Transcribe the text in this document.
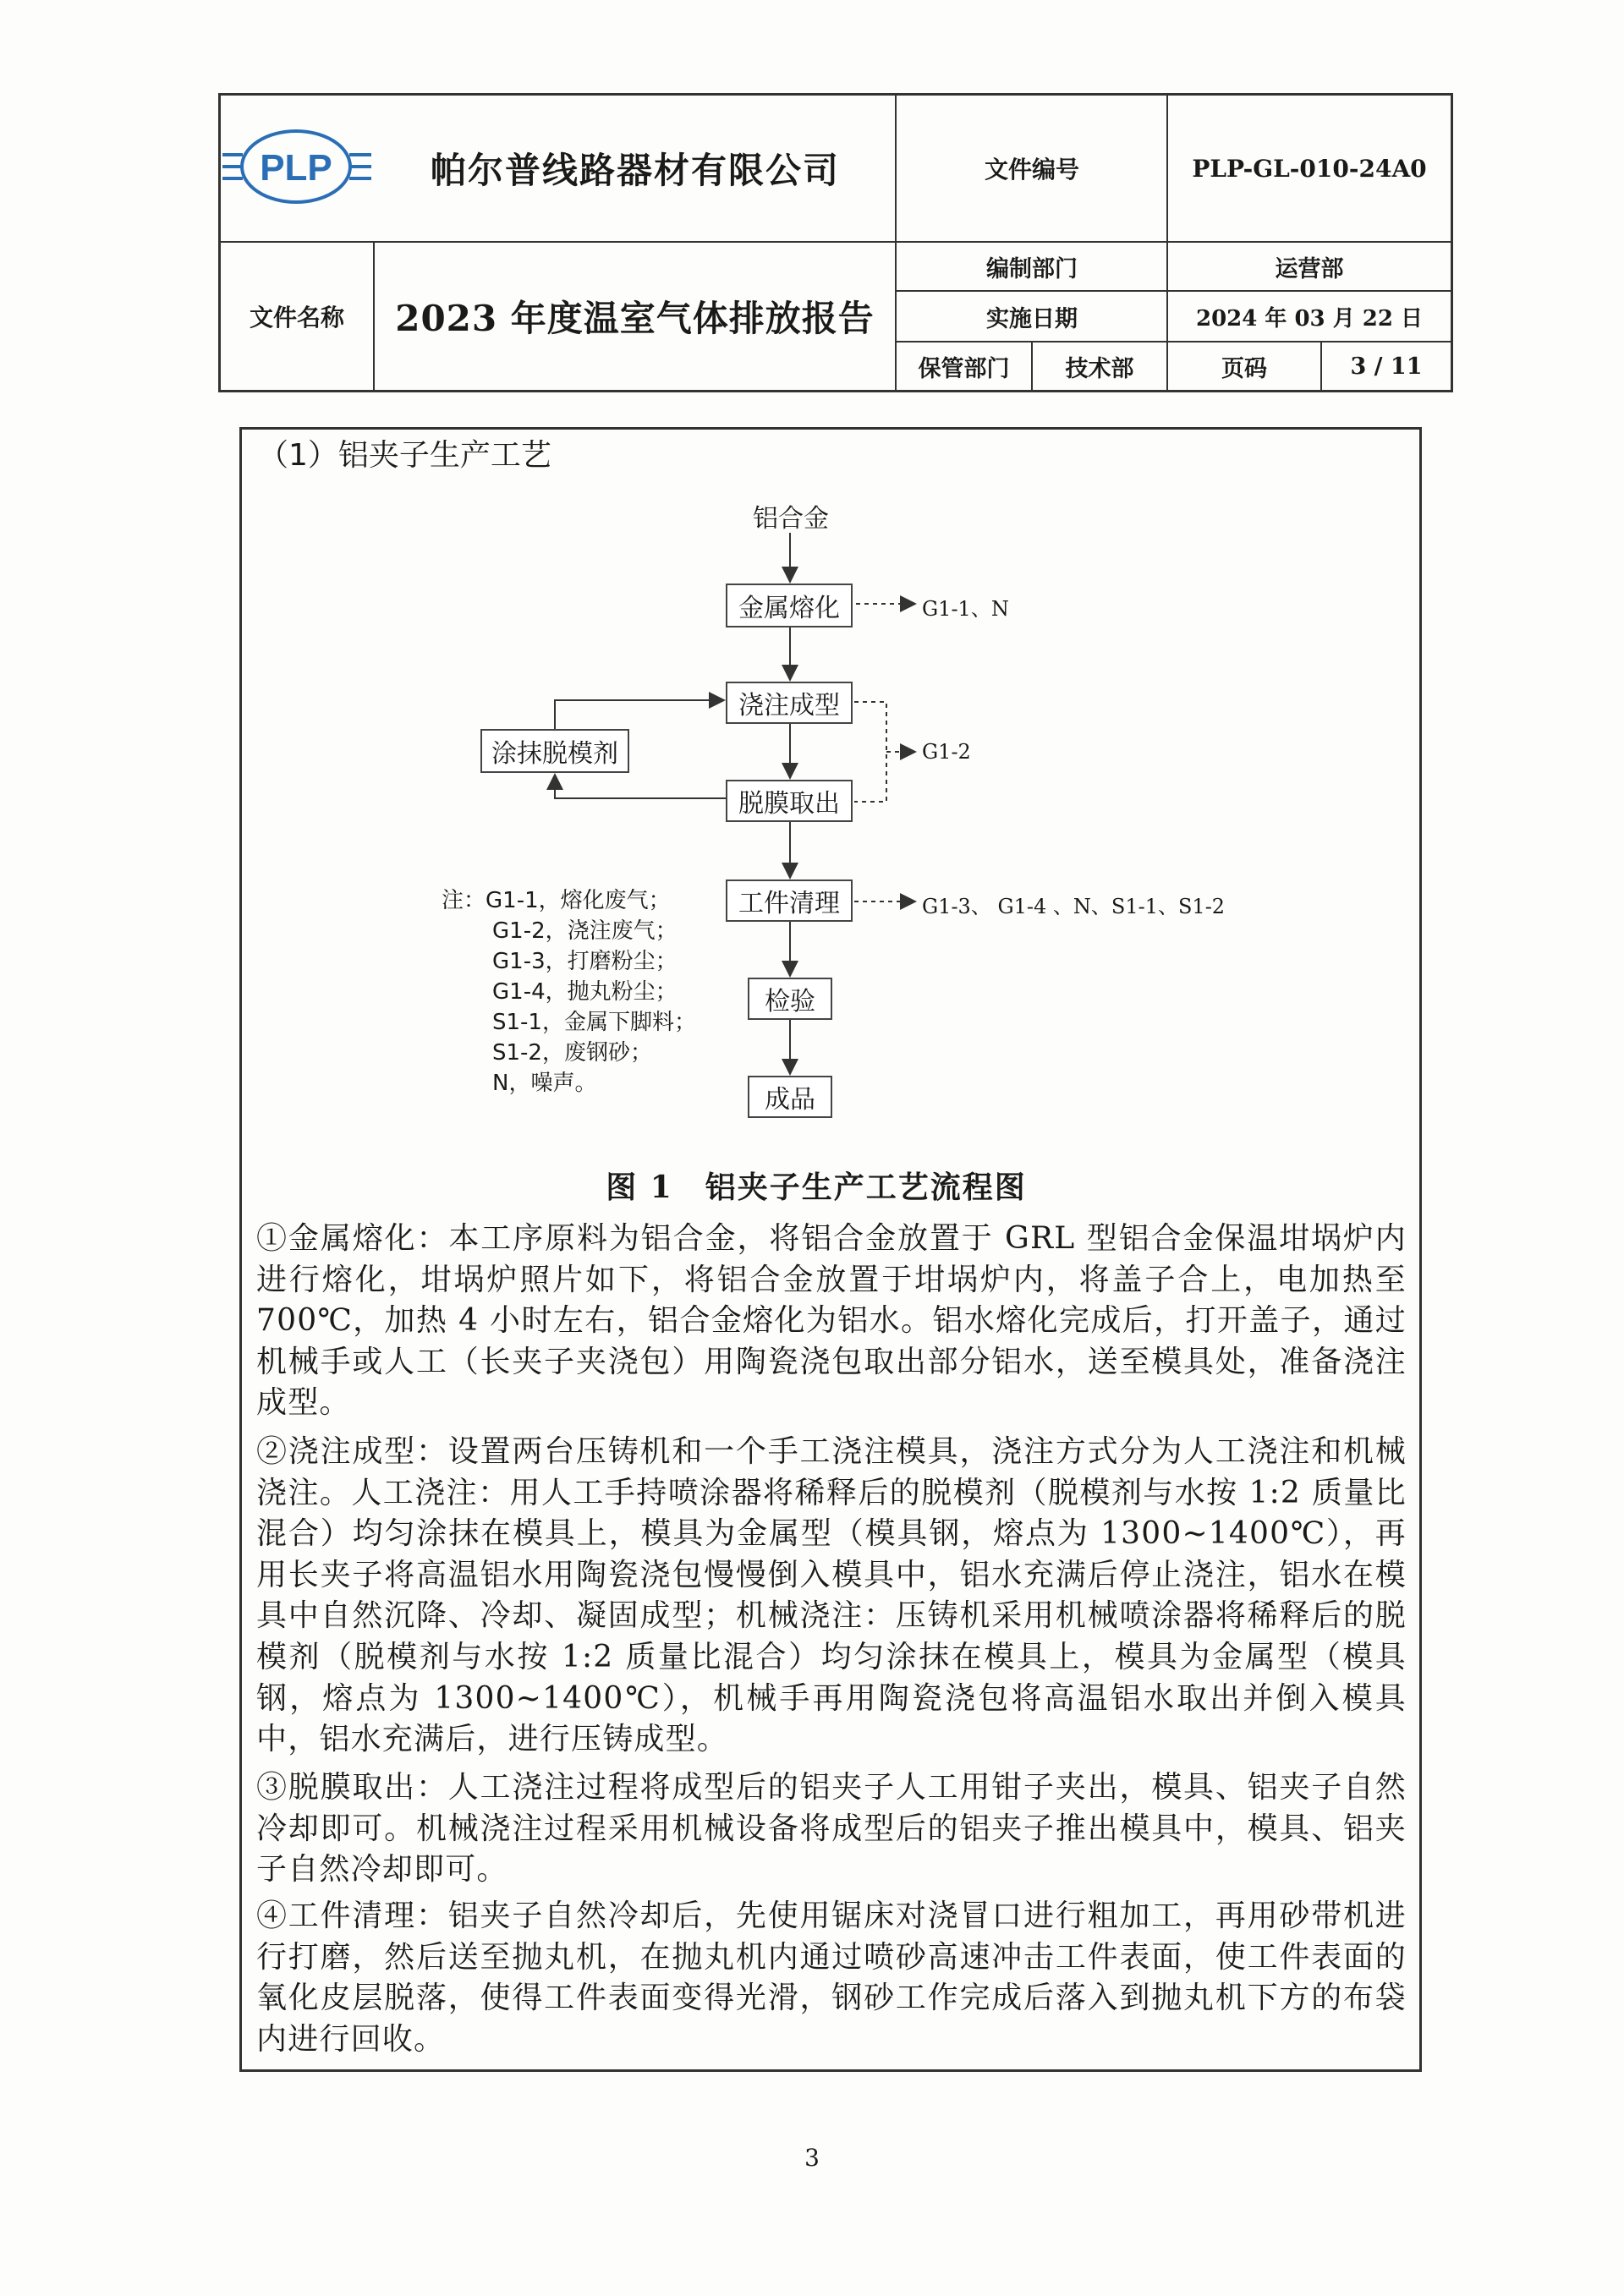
PLP	帕尔普线路器材有限公司	文件编号	PLP-GL-010-24A0
文件名称	2023 年度温室气体排放报告
编制部门	运营部
实施日期	2024 年 03 月 22 日
保管部门	技术部	页码	3 / 11
（1）铝夹子生产工艺
铝合金
金属熔化
浇注成型
脱膜取出
工件清理
检验
成品
涂抹脱模剂
G1-1、N
G1-2
G1-3、 G1-4 、N、S1-1、S1-2
注：G1-1，熔化废气；
G1-2，浇注废气；
G1-3，打磨粉尘；
G1-4，抛丸粉尘；
S1-1，金属下脚料；
S1-2，废钢砂；
N，噪声。
图 1　铝夹子生产工艺流程图
①金属熔化：本工序原料为铝合金，将铝合金放置于 GRL 型铝合金保温坩埚炉内进行熔化，坩埚炉照片如下，将铝合金放置于坩埚炉内，将盖子合上，电加热至 700℃，加热 4 小时左右，铝合金熔化为铝水。铝水熔化完成后，打开盖子，通过机械手或人工（长夹子夹浇包）用陶瓷浇包取出部分铝水，送至模具处，准备浇注成型。
②浇注成型：设置两台压铸机和一个手工浇注模具，浇注方式分为人工浇注和机械浇注。人工浇注：用人工手持喷涂器将稀释后的脱模剂（脱模剂与水按 1:2 质量比混合）均匀涂抹在模具上，模具为金属型（模具钢，熔点为 1300~1400℃），再用长夹子将高温铝水用陶瓷浇包慢慢倒入模具中，铝水充满后停止浇注，铝水在模具中自然沉降、冷却、凝固成型；机械浇注：压铸机采用机械喷涂器将稀释后的脱模剂（脱模剂与水按 1:2 质量比混合）均匀涂抹在模具上，模具为金属型（模具钢，熔点为 1300~1400℃），机械手再用陶瓷浇包将高温铝水取出并倒入模具中，铝水充满后，进行压铸成型。
③脱膜取出：人工浇注过程将成型后的铝夹子人工用钳子夹出，模具、铝夹子自然冷却即可。机械浇注过程采用机械设备将成型后的铝夹子推出模具中，模具、铝夹子自然冷却即可。
④工件清理：铝夹子自然冷却后，先使用锯床对浇冒口进行粗加工，再用砂带机进行打磨，然后送至抛丸机，在抛丸机内通过喷砂高速冲击工件表面，使工件表面的氧化皮层脱落，使得工件表面变得光滑，钢砂工作完成后落入到抛丸机下方的布袋内进行回收。
3
